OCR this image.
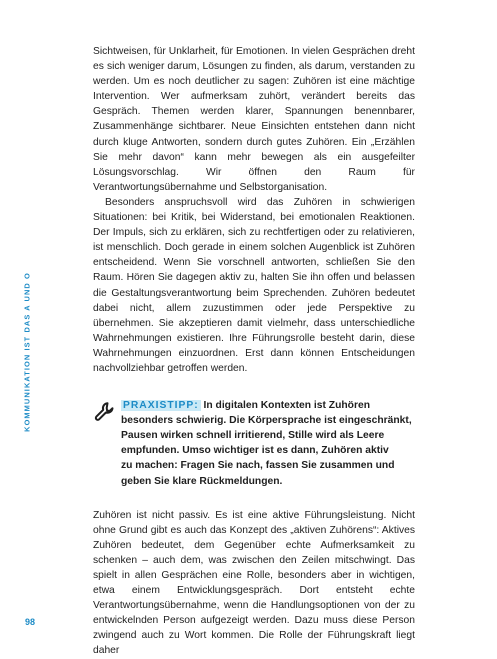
KOMMUNIKATION IST DAS A UND O

Sichtweisen, für Unklarheit, für Emotionen. In vielen Gesprächen dreht es sich weniger darum, Lösungen zu finden, als darum, verstanden zu werden. Um es noch deutlicher zu sagen: Zuhören ist eine mächtige Intervention. Wer aufmerksam zuhört, verändert bereits das Gespräch. Themen werden klarer, Spannungen benennbarer, Zusammenhänge sichtbarer. Neue Einsichten entstehen dann nicht durch kluge Antworten, sondern durch gutes Zuhören. Ein „Erzählen Sie mehr davon“ kann mehr bewegen als ein ausgefeilter Lösungsvorschlag. Wir öffnen den Raum für Verantwortungsübernahme und Selbstorganisation.

Besonders anspruchsvoll wird das Zuhören in schwierigen Situationen: bei Kritik, bei Widerstand, bei emotionalen Reaktionen. Der Impuls, sich zu erklären, sich zu rechtfertigen oder zu relativieren, ist menschlich. Doch gerade in einem solchen Augenblick ist Zuhören entscheidend. Wenn Sie vorschnell antworten, schließen Sie den Raum. Hören Sie dagegen aktiv zu, halten Sie ihn offen und belassen die Gestaltungsverantwortung beim Sprechenden. Zuhören bedeutet dabei nicht, allem zuzustimmen oder jede Perspektive zu übernehmen. Sie akzeptieren damit vielmehr, dass unterschiedliche Wahrnehmungen existieren. Ihre Führungsrolle besteht darin, diese Wahrnehmungen einzuordnen. Erst dann können Entscheidungen nachvollziehbar getroffen werden.

PRAXISTIPP: In digitalen Kontexten ist Zuhören

besonders schwierig. Die Körpersprache ist eingeschränkt,

Pausen wirken schnell irritierend, Stille wird als Leere

empfunden. Umso wichtiger ist es dann, Zuhören aktiv

zu machen: Fragen Sie nach, fassen Sie zusammen und

geben Sie klare Rückmeldungen.

Zuhören ist nicht passiv. Es ist eine aktive Führungsleistung. Nicht ohne Grund gibt es auch das Konzept des „aktiven Zuhörens“: Aktives Zuhören bedeutet, dem Gegenüber echte Aufmerksamkeit zu schenken – auch dem, was zwischen den Zeilen mitschwingt. Das spielt in allen Gesprächen eine Rolle, besonders aber in wichtigen, etwa einem Entwicklungsgespräch. Dort entsteht echte Verantwortungsübernahme, wenn die Handlungsoptionen von der zu entwickelnden Person aufgezeigt werden. Dazu muss diese Person zwingend auch zu Wort kommen. Die Rolle der Führungskraft liegt daher

98
